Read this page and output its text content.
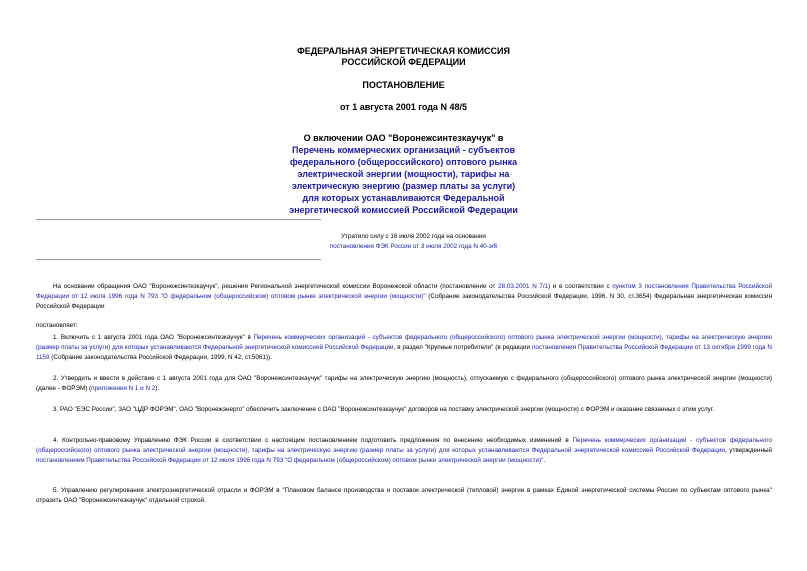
ФЕДЕРАЛЬНАЯ ЭНЕРГЕТИЧЕСКАЯ КОМИССИЯ
РОССИЙСКОЙ ФЕДЕРАЦИИ
ПОСТАНОВЛЕНИЕ
от 1 августа 2001 года N 48/5
О включении ОАО "Воронежсинтезкаучук" в
Перечень коммерческих организаций - субъектов
федерального (общероссийского) оптового рынка
электрической энергии (мощности), тарифы на
электрическую энергию (размер платы за услуги)
для которых устанавливаются Федеральной
энергетической комиссией Российской Федерации
Утратило силу с 16 июля 2002 года на основании
постановления ФЭК России от 3 июля 2002 года N 40-э/6
На основании обращения ОАО "Воронежсинтезкаучук", решения Региональной энергетической комиссии Воронежской области (постановление от 28.03.2001 N 7/1) и в соответствии с пунктом 3 постановления Правительства Российской Федерации от 12 июля 1996 года N 793 "О федеральном (общероссийском) оптовом рынке электрической энергии (мощности)" (Собрание законодательства Российской Федерации, 1996, N 30, ст.3654) Федеральная энергетическая комиссия Российской Федерации
постановляет:
1. Включить с 1 августа 2001 года ОАО "Воронежсинтезкаучук" в Перечень коммерческих организаций - субъектов федерального (общероссийского) оптового рынка электрической энергии (мощности), тарифы на электрическую энергию (размер платы за услуги) для которых устанавливаются Федеральной энергетической комиссией Российской Федерации, в раздел "Крупные потребители" (в редакции постановления Правительства Российской Федерации от 13 октября 1999 года N 1159 (Собрание законодательства Российской Федерации, 1999, N 42, ст.5061)).
2. Утвердить и ввести в действие с 1 августа 2001 года для ОАО "Воронежсинтезкаучук" тарифы на электрическую энергию (мощность), отпускаемую с федерального (общероссийского) оптового рынка электрической энергии (мощности) (далее - ФОРЭМ) (приложения N 1 и N 2).
3. РАО "ЕЭС России", ЗАО "ЦДР ФОРЭМ", ОАО "Воронежэнерго" обеспечить заключение с ОАО "Воронежсинтезкаучук" договоров на поставку электрической энергии (мощности) с ФОРЭМ и оказание связанных с этим услуг.
4. Контрольно-правовому Управлению ФЭК России в соответствии с настоящим постановлением подготовить предложения по внесению необходимых изменений в Перечень коммерческих организаций - субъектов федерального (общероссийского) оптового рынка электрической энергии (мощности), тарифы на электрическую энергию (размер платы за услуги) для которых устанавливаются Федеральной энергетической комиссией Российской Федерации, утвержденный постановлением Правительства Российской Федерации от 12 июля 1996 года N 793 "О федеральном (общероссийском) оптовом рынке электрической энергии (мощности)".
5. Управлению регулирования электроэнергетической отрасли и ФОРЭМ в "Плановом балансе производства и поставок электрической (тепловой) энергии в рамках Единой энергетической системы России по субъектам оптового рынка" отразить ОАО "Воронежсинтезкаучук" отдельной строкой.
